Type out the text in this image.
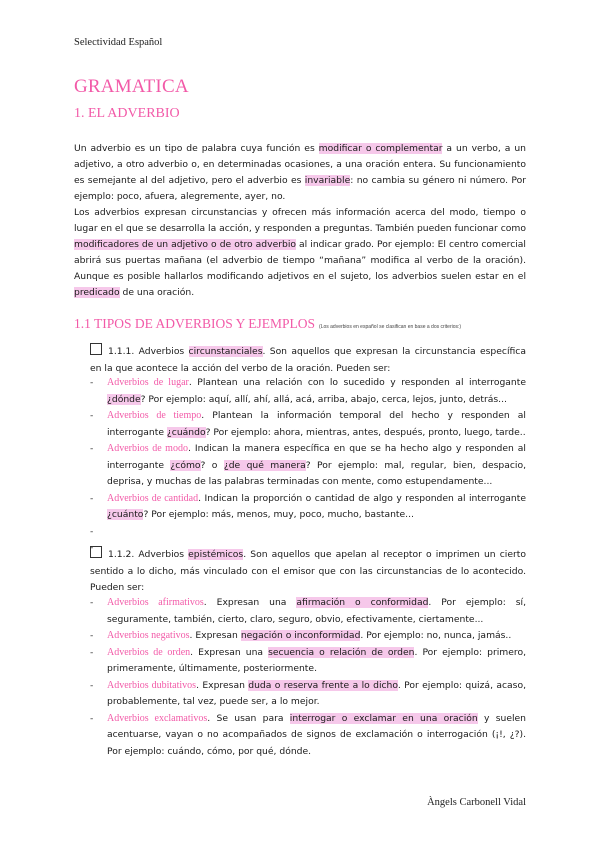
Selectividad Español
GRAMATICA
1. EL ADVERBIO
Un adverbio es un tipo de palabra cuya función es modificar o complementar a un verbo, a un adjetivo, a otro adverbio o, en determinadas ocasiones, a una oración entera. Su funcionamiento es semejante al del adjetivo, pero el adverbio es invariable: no cambia su género ni número. Por ejemplo: poco, afuera, alegremente, ayer, no.
Los adverbios expresan circunstancias y ofrecen más información acerca del modo, tiempo o lugar en el que se desarrolla la acción, y responden a preguntas. También pueden funcionar como modificadores de un adjetivo o de otro adverbio al indicar grado. Por ejemplo: El centro comercial abrirá sus puertas mañana (el adverbio de tiempo “mañana” modifica al verbo de la oración). Aunque es posible hallarlos modificando adjetivos en el sujeto, los adverbios suelen estar en el predicado de una oración.
1.1 TIPOS DE ADVERBIOS Y EJEMPLOS (Los adverbios en español se clasifican en base a dos criterios:)
1.1.1. Adverbios circunstanciales. Son aquellos que expresan la circunstancia específica en la que acontece la acción del verbo de la oración. Pueden ser:
- Adverbios de lugar. Plantean una relación con lo sucedido y responden al interrogante ¿dónde? Por ejemplo: aquí, allí, ahí, allá, acá, arriba, abajo, cerca, lejos, junto, detrás...
- Adverbios de tiempo. Plantean la información temporal del hecho y responden al interrogante ¿cuándo? Por ejemplo: ahora, mientras, antes, después, pronto, luego, tarde..
- Adverbios de modo. Indican la manera específica en que se ha hecho algo y responden al interrogante ¿cómo? o ¿de qué manera? Por ejemplo: mal, regular, bien, despacio, deprisa, y muchas de las palabras terminadas con mente, como estupendamente...
- Adverbios de cantidad. Indican la proporción o cantidad de algo y responden al interrogante ¿cuánto? Por ejemplo: más, menos, muy, poco, mucho, bastante...
-

-

1.1.2. Adverbios epistémicos. Son aquellos que apelan al receptor o imprimen un cierto sentido a lo dicho, más vinculado con el emisor que con las circunstancias de lo acontecido. Pueden ser:
- Adverbios afirmativos. Expresan una afirmación o conformidad. Por ejemplo: sí, seguramente, también, cierto, claro, seguro, obvio, efectivamente, ciertamente...
- Adverbios negativos. Expresan negación o inconformidad. Por ejemplo: no, nunca, jamás..
- Adverbios de orden. Expresan una secuencia o relación de orden. Por ejemplo: primero, primeramente, últimamente, posteriormente.
- Adverbios dubitativos. Expresan duda o reserva frente a lo dicho. Por ejemplo: quizá, acaso, probablemente, tal vez, puede ser, a lo mejor.
- Adverbios exclamativos. Se usan para interrogar o exclamar en una oración y suelen acentuarse, vayan o no acompañados de signos de exclamación o interrogación (¡!, ¿?). Por ejemplo: cuándo, cómo, por qué, dónde.
Àngels Carbonell Vidal
